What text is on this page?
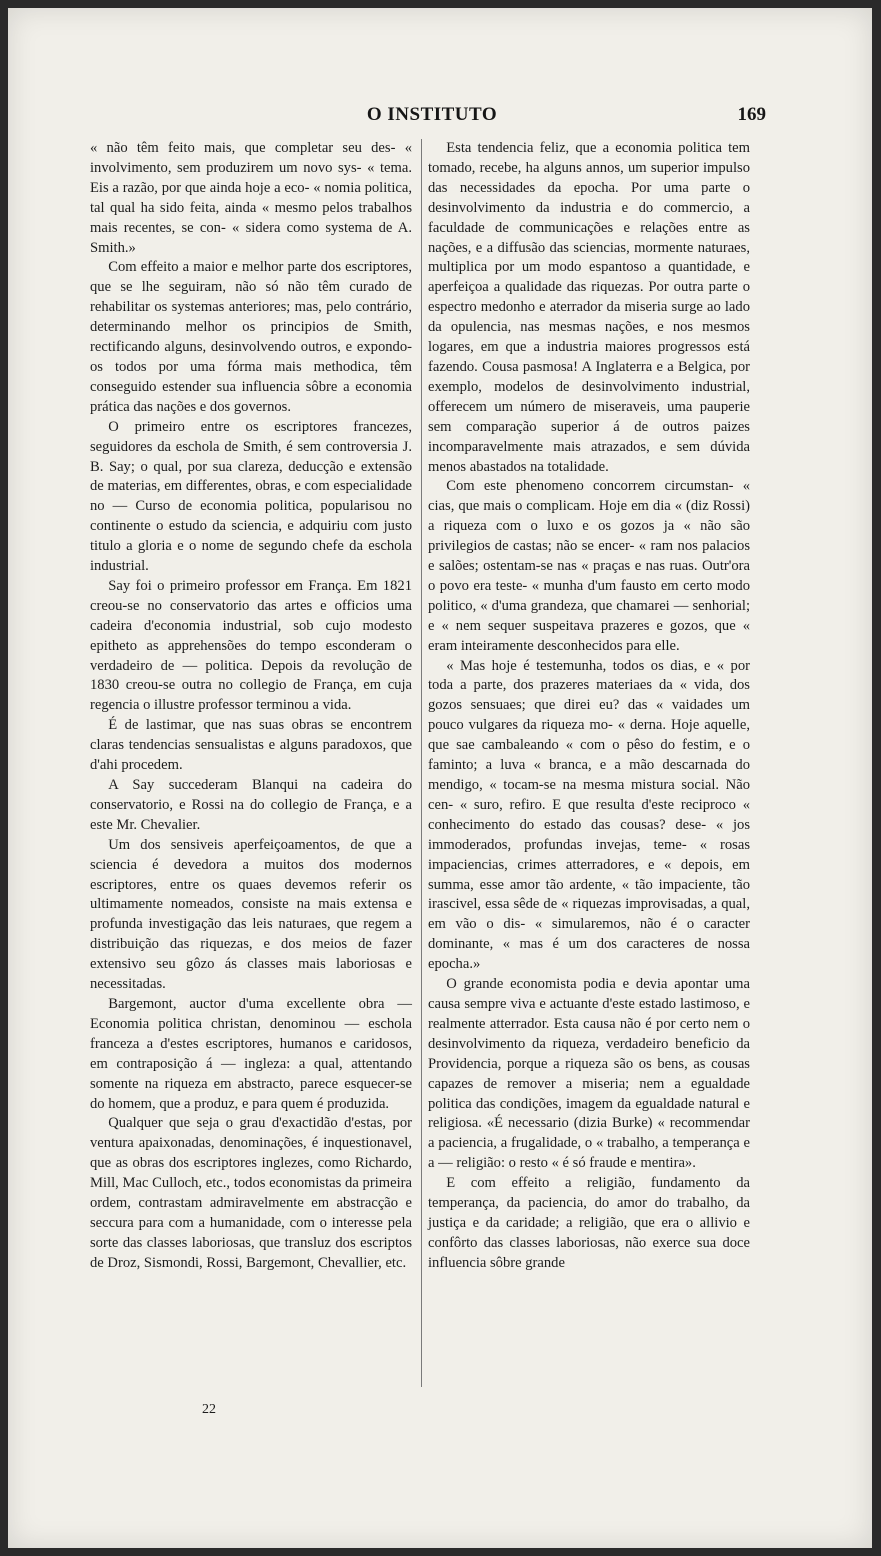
O INSTITUTO	169

« não têm feito mais, que completar seu des- « involvimento, sem produzirem um novo sys- « tema. Eis a razão, por que ainda hoje a eco- « nomia politica, tal qual ha sido feita, ainda « mesmo pelos trabalhos mais recentes, se con- « sidera como systema de A. Smith.»

Com effeito a maior e melhor parte dos escriptores, que se lhe seguiram, não só não têm curado de rehabilitar os systemas anteriores; mas, pelo contrário, determinando melhor os principios de Smith, rectificando alguns, desinvolvendo outros, e expondo-os todos por uma fórma mais methodica, têm conseguido estender sua influencia sôbre a economia prática das nações e dos governos.

O primeiro entre os escriptores francezes, seguidores da eschola de Smith, é sem controversia J. B. Say; o qual, por sua clareza, deducção e extensão de materias, em differentes, obras, e com especialidade no — Curso de economia politica, popularisou no continente o estudo da sciencia, e adquiriu com justo titulo a gloria e o nome de segundo chefe da eschola industrial.

Say foi o primeiro professor em França. Em 1821 creou-se no conservatorio das artes e officios uma cadeira d'economia industrial, sob cujo modesto epitheto as apprehensões do tempo esconderam o verdadeiro de — politica. Depois da revolução de 1830 creou-se outra no collegio de França, em cuja regencia o illustre professor terminou a vida.

É de lastimar, que nas suas obras se encontrem claras tendencias sensualistas e alguns paradoxos, que d'ahi procedem.

A Say succederam Blanqui na cadeira do conservatorio, e Rossi na do collegio de França, e a este Mr. Chevalier.

Um dos sensiveis aperfeiçoamentos, de que a sciencia é devedora a muitos dos modernos escriptores, entre os quaes devemos referir os ultimamente nomeados, consiste na mais extensa e profunda investigação das leis naturaes, que regem a distribuição das riquezas, e dos meios de fazer extensivo seu gôzo ás classes mais laboriosas e necessitadas.

Bargemont, auctor d'uma excellente obra — Economia politica christan, denominou — eschola franceza a d'estes escriptores, humanos e caridosos, em contraposição á — ingleza: a qual, attentando somente na riqueza em abstracto, parece esquecer-se do homem, que a produz, e para quem é produzida.

Qualquer que seja o grau d'exactidão d'estas, por ventura apaixonadas, denominações, é inquestionavel, que as obras dos escriptores inglezes, como Richardo, Mill, Mac Culloch, etc., todos economistas da primeira ordem, contrastam admiravelmente em abstracção e seccura para com a humanidade, com o interesse pela sorte das classes laboriosas, que transluz dos escriptos de Droz, Sismondi, Rossi, Bargemont, Chevallier, etc.

Esta tendencia feliz, que a economia politica tem tomado, recebe, ha alguns annos, um superior impulso das necessidades da epocha. Por uma parte o desinvolvimento da industria e do commercio, a faculdade de communicações e relações entre as nações, e a diffusão das sciencias, mormente naturaes, multiplica por um modo espantoso a quantidade, e aperfeiçoa a qualidade das riquezas. Por outra parte o espectro medonho e aterrador da miseria surge ao lado da opulencia, nas mesmas nações, e nos mesmos logares, em que a industria maiores progressos está fazendo. Cousa pasmosa! A Inglaterra e a Belgica, por exemplo, modelos de desinvolvimento industrial, offerecem um número de miseraveis, uma pauperie sem comparação superior á de outros paizes incomparavelmente mais atrazados, e sem dúvida menos abastados na totalidade.

Com este phenomeno concorrem circumstan- « cias, que mais o complicam. Hoje em dia « (diz Rossi) a riqueza com o luxo e os gozos ja « não são privilegios de castas; não se encer- « ram nos palacios e salões; ostentam-se nas « praças e nas ruas. Outr'ora o povo era teste- « munha d'um fausto em certo modo politico, « d'uma grandeza, que chamarei — senhorial; e « nem sequer suspeitava prazeres e gozos, que « eram inteiramente desconhecidos para elle.

« Mas hoje é testemunha, todos os dias, e « por toda a parte, dos prazeres materiaes da « vida, dos gozos sensuaes; que direi eu? das « vaidades um pouco vulgares da riqueza mo- « derna. Hoje aquelle, que sae cambaleando « com o pêso do festim, e o faminto; a luva « branca, e a mão descarnada do mendigo, « tocam-se na mesma mistura social. Não cen- « suro, refiro. E que resulta d'este reciproco « conhecimento do estado das cousas? dese- « jos immoderados, profundas invejas, teme- « rosas impaciencias, crimes atterradores, e « depois, em summa, esse amor tão ardente, « tão impaciente, tão irascivel, essa sêde de « riquezas improvisadas, a qual, em vão o dis- « simularemos, não é o caracter dominante, « mas é um dos caracteres de nossa epocha.»

O grande economista podia e devia apontar uma causa sempre viva e actuante d'este estado lastimoso, e realmente atterrador. Esta causa não é por certo nem o desinvolvimento da riqueza, verdadeiro beneficio da Providencia, porque a riqueza são os bens, as cousas capazes de remover a miseria; nem a egualdade politica das condições, imagem da egualdade natural e religiosa. «É necessario (dizia Burke) « recommendar a paciencia, a frugalidade, o « trabalho, a temperança e a — religião: o resto « é só fraude e mentira».

E com effeito a religião, fundamento da temperança, da paciencia, do amor do trabalho, da justiça e da caridade; a religião, que era o allivio e confôrto das classes laboriosas, não exerce sua doce influencia sôbre grande

22
